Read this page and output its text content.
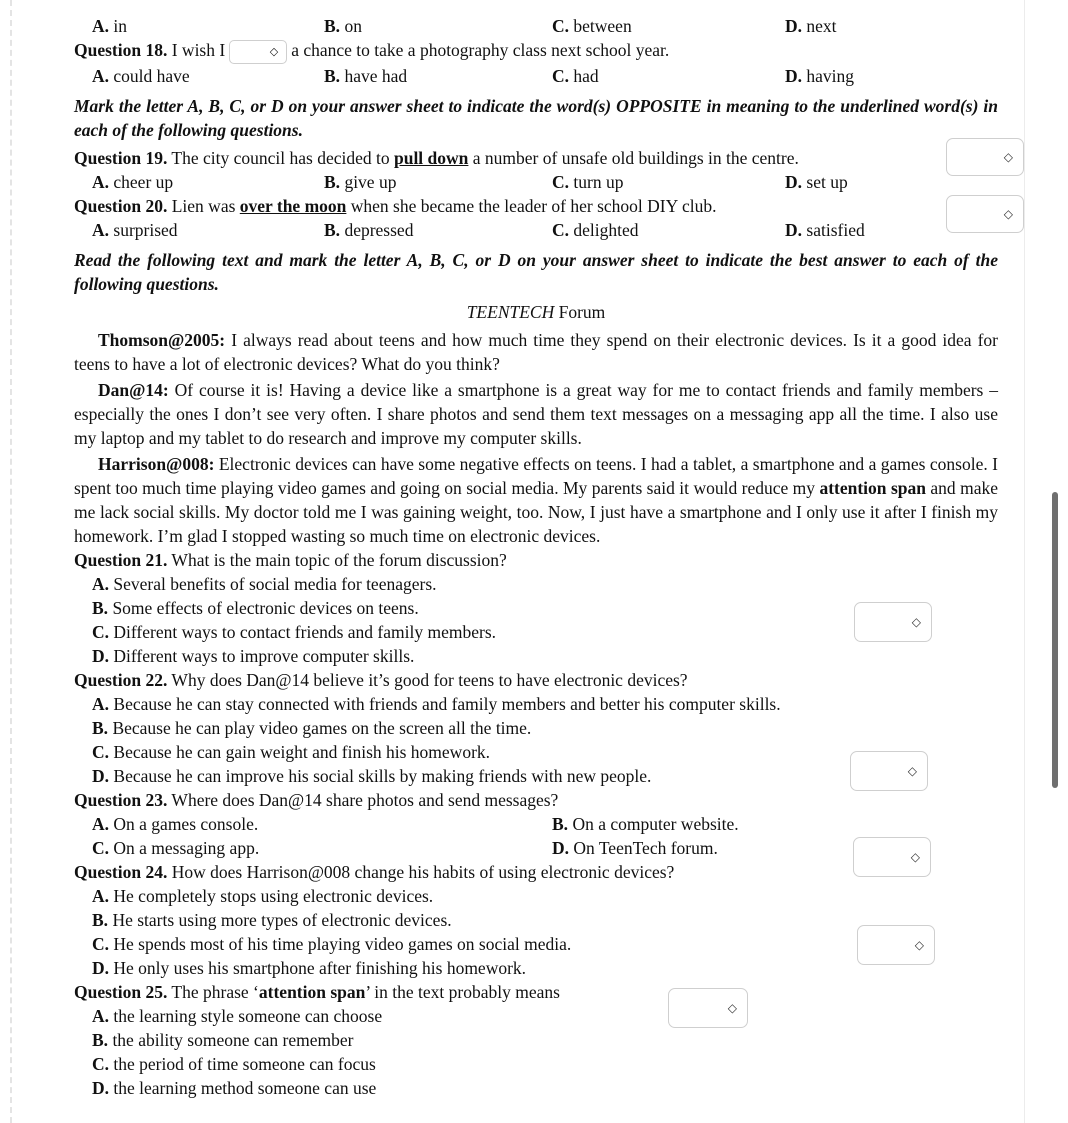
A. in	B. on	C. between	D. next
Question 18. I wish I	◇ a chance to take a photography class next school year.
A. could have	B. have had	C. had	D. having

Mark the letter A, B, C, or D on your answer sheet to indicate the word(s) OPPOSITE in meaning to the underlined word(s) in each of the following questions.

Question 19. The city council has decided to pull down a number of unsafe old buildings in the centre.
A. cheer up	B. give up	C. turn up	D. set up
Question 20. Lien was over the moon when she became the leader of her school DIY club.
A. surprised	B. depressed	C. delighted	D. satisfied

Read the following text and mark the letter A, B, C, or D on your answer sheet to indicate the best answer to each of the following questions.

TEENTECH Forum

Thomson@2005: I always read about teens and how much time they spend on their electronic devices. Is it a good idea for teens to have a lot of electronic devices? What do you think?

Dan@14: Of course it is! Having a device like a smartphone is a great way for me to contact friends and family members – especially the ones I don’t see very often. I share photos and send them text messages on a messaging app all the time. I also use my laptop and my tablet to do research and improve my computer skills.

Harrison@008: Electronic devices can have some negative effects on teens. I had a tablet, a smartphone and a games console. I spent too much time playing video games and going on social media. My parents said it would reduce my attention span and make me lack social skills. My doctor told me I was gaining weight, too. Now, I just have a smartphone and I only use it after I finish my homework. I’m glad I stopped wasting so much time on electronic devices.

Question 21. What is the main topic of the forum discussion?
A. Several benefits of social media for teenagers.
B. Some effects of electronic devices on teens.
C. Different ways to contact friends and family members.
D. Different ways to improve computer skills.
Question 22. Why does Dan@14 believe it’s good for teens to have electronic devices?
A. Because he can stay connected with friends and family members and better his computer skills.
B. Because he can play video games on the screen all the time.
C. Because he can gain weight and finish his homework.
D. Because he can improve his social skills by making friends with new people.
Question 23. Where does Dan@14 share photos and send messages?
A. On a games console.	B. On a computer website.
C. On a messaging app.	D. On TeenTech forum.
Question 24. How does Harrison@008 change his habits of using electronic devices?
A. He completely stops using electronic devices.
B. He starts using more types of electronic devices.
C. He spends most of his time playing video games on social media.
D. He only uses his smartphone after finishing his homework.
Question 25. The phrase ‘attention span’ in the text probably means
A. the learning style someone can choose
B. the ability someone can remember
C. the period of time someone can focus
D. the learning method someone can use
◇
◇
◇
◇
◇
◇
◇
